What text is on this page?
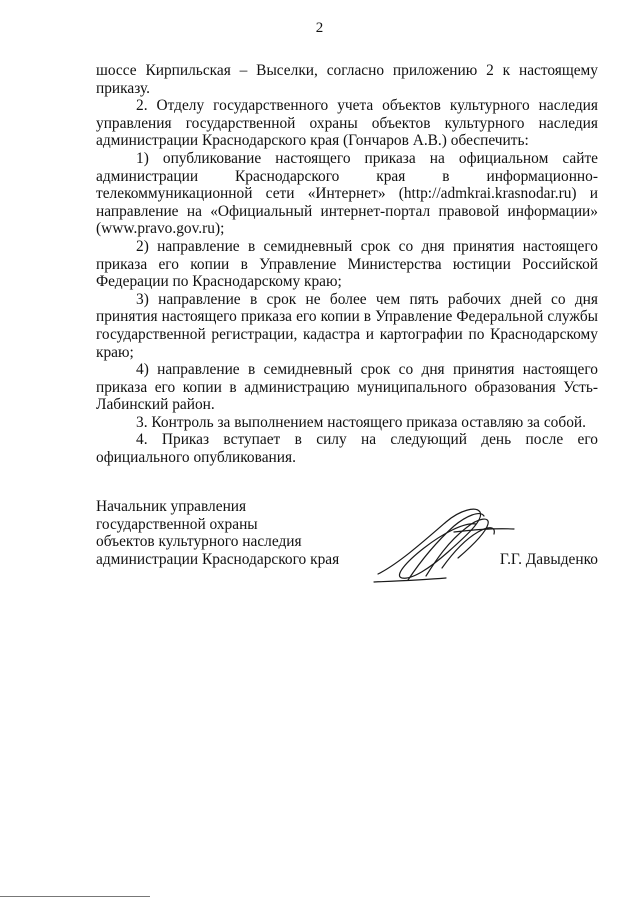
2

шоссе Кирпильская – Выселки, согласно приложению 2 к настоящему приказу.

2. Отделу государственного учета объектов культурного наследия управления государственной охраны объектов культурного наследия администрации Краснодарского края (Гончаров А.В.) обеспечить:

1) опубликование настоящего приказа на официальном сайте администрации Краснодарского края в информационно-телекоммуникационной сети «Интернет» (http://admkrai.krasnodar.ru) и направление на «Официальный интернет-портал правовой информации» (www.pravo.gov.ru);

2) направление в семидневный срок со дня принятия настоящего приказа его копии в Управление Министерства юстиции Российской Федерации по Краснодарскому краю;

3) направление в срок не более чем пять рабочих дней со дня принятия настоящего приказа его копии в Управление Федеральной службы государственной регистрации, кадастра и картографии по Краснодарскому краю;

4) направление в семидневный срок со дня принятия настоящего приказа его копии в администрацию муниципального образования Усть-Лабинский район.

3. Контроль за выполнением настоящего приказа оставляю за собой.

4. Приказ вступает в силу на следующий день после его официального опубликования.

Начальник управления
государственной охраны
объектов культурного наследия
администрации Краснодарского края	Г.Г. Давыденко
